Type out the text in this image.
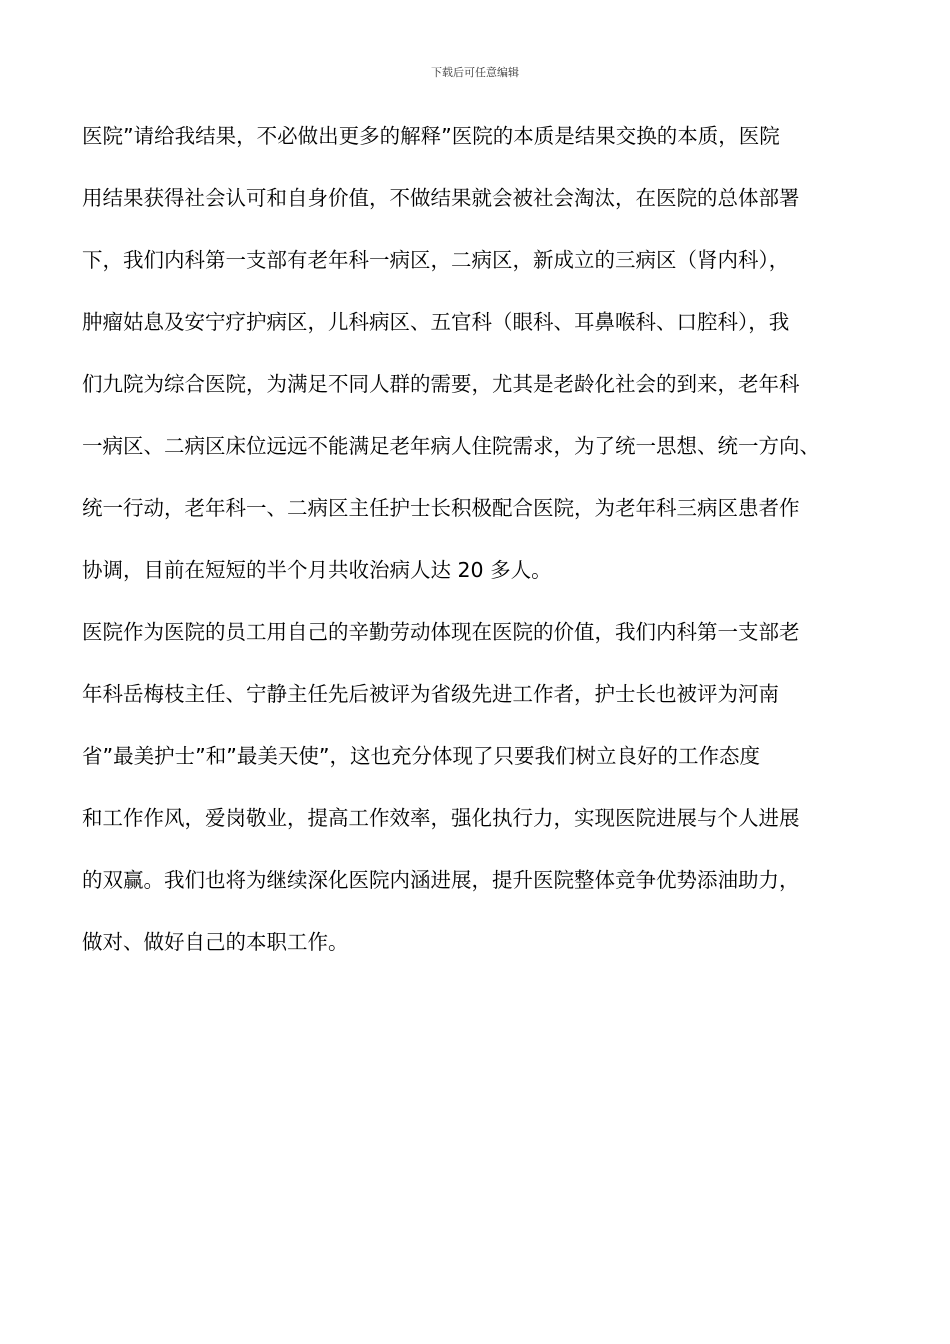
下载后可任意编辑
医院”请给我结果，不必做出更多的解释”医院的本质是结果交换的本质，医院
用结果获得社会认可和自身价值，不做结果就会被社会淘汰，在医院的总体部署
下，我们内科第一支部有老年科一病区，二病区，新成立的三病区（肾内科），
肿瘤姑息及安宁疗护病区，儿科病区、五官科（眼科、耳鼻喉科、口腔科），我
们九院为综合医院，为满足不同人群的需要，尤其是老龄化社会的到来，老年科
一病区、二病区床位远远不能满足老年病人住院需求，为了统一思想、统一方向、
统一行动，老年科一、二病区主任护士长积极配合医院，为老年科三病区患者作
协调，目前在短短的半个月共收治病人达 20 多人。
医院作为医院的员工用自己的辛勤劳动体现在医院的价值，我们内科第一支部老
年科岳梅枝主任、宁静主任先后被评为省级先进工作者，护士长也被评为河南
省”最美护士”和”最美天使”，这也充分体现了只要我们树立良好的工作态度
和工作作风，爱岗敬业，提高工作效率，强化执行力，实现医院进展与个人进展
的双赢。我们也将为继续深化医院内涵进展，提升医院整体竞争优势添油助力，
做对、做好自己的本职工作。
